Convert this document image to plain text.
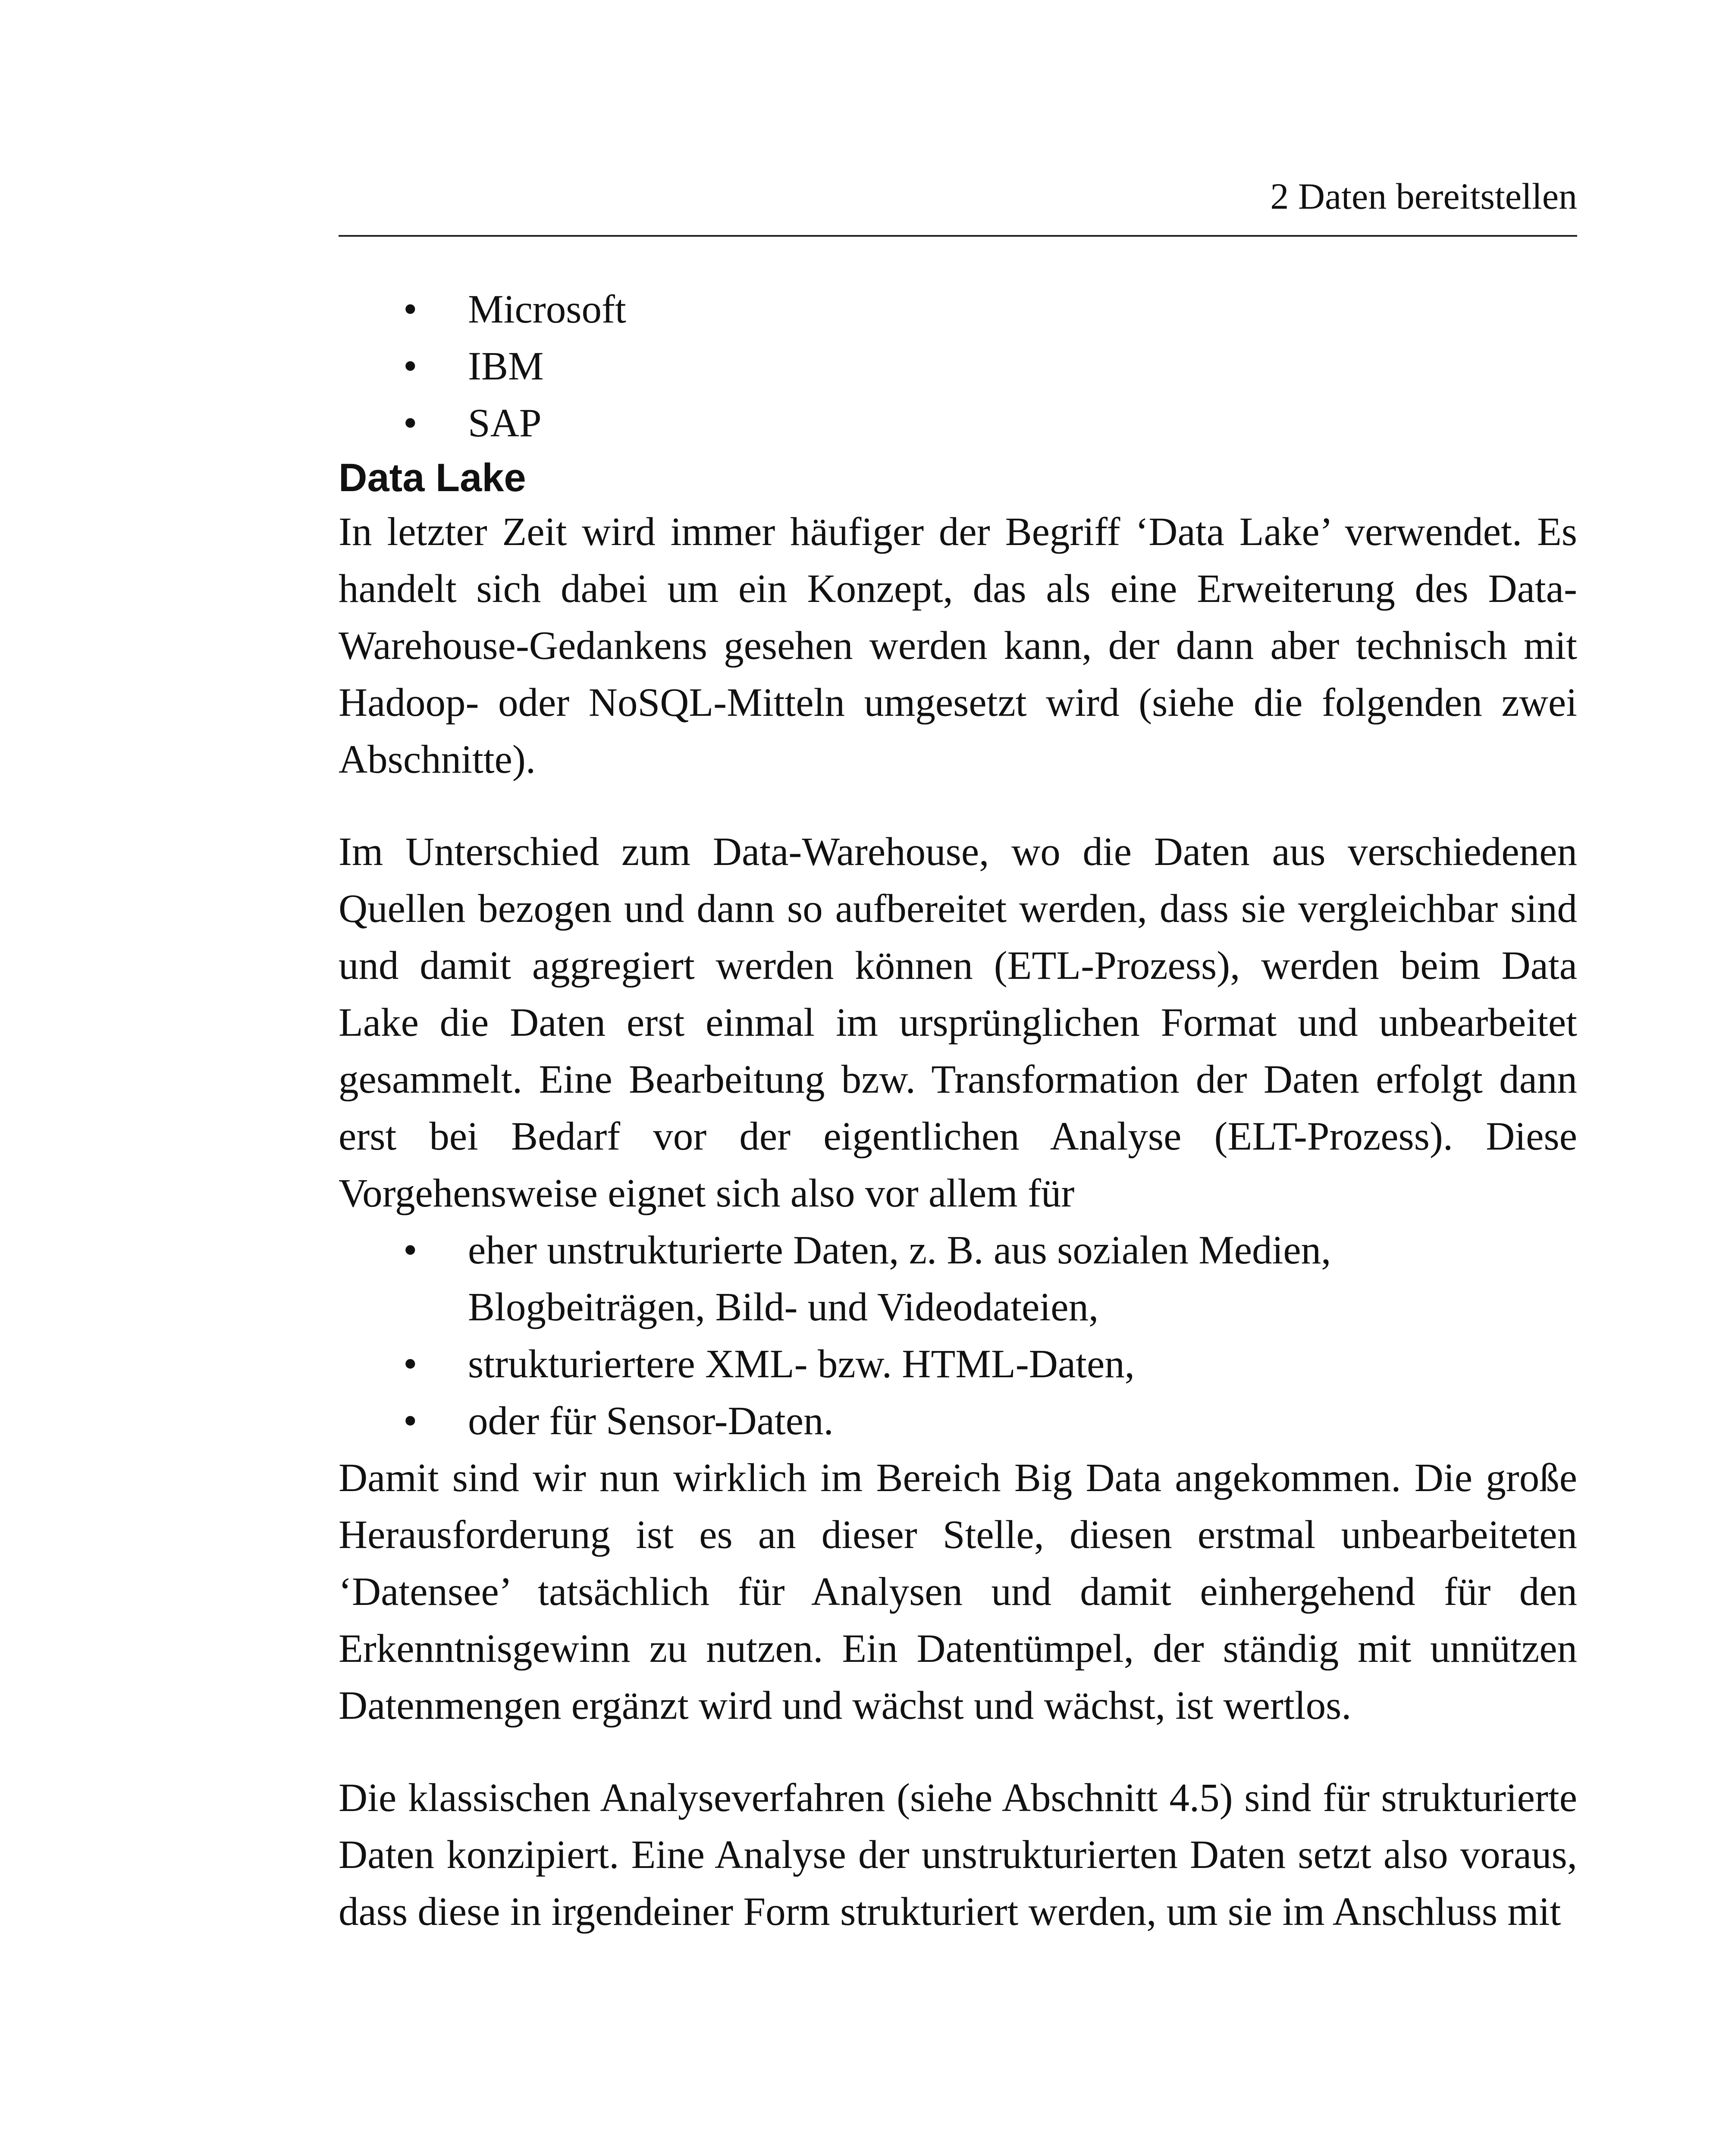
2 Daten bereitstellen
• Microsoft
• IBM
• SAP
Data Lake

In letzter Zeit wird immer häufiger der Begriff ‘Data Lake’ verwendet. Es handelt sich dabei um ein Konzept, das als eine Erweiterung des Data-Warehouse-Gedankens gesehen werden kann, der dann aber technisch mit Hadoop- oder NoSQL-Mitteln umgesetzt wird (siehe die folgenden zwei Abschnitte).

Im Unterschied zum Data-Warehouse, wo die Daten aus verschiedenen Quellen bezogen und dann so aufbereitet werden, dass sie vergleichbar sind und damit aggregiert werden können (ETL-Prozess), werden beim Data Lake die Daten erst einmal im ursprünglichen Format und unbearbeitet gesammelt. Eine Bearbeitung bzw. Transformation der Daten erfolgt dann erst bei Bedarf vor der eigentlichen Analyse (ELT-Prozess). Diese Vorgehensweise eignet sich also vor allem für

• eher unstrukturierte Daten, z. B. aus sozialen Medien, Blogbeiträgen, Bild- und Videodateien,
• strukturiertere XML- bzw. HTML-Daten,
• oder für Sensor-Daten.

Damit sind wir nun wirklich im Bereich Big Data angekommen. Die große Herausforderung ist es an dieser Stelle, diesen erstmal unbearbeiteten ‘Datensee’ tatsächlich für Analysen und damit einhergehend für den Erkenntnisgewinn zu nutzen. Ein Datentümpel, der ständig mit unnützen Datenmengen ergänzt wird und wächst und wächst, ist wertlos.

Die klassischen Analyseverfahren (siehe Abschnitt 4.5) sind für strukturierte Daten konzipiert. Eine Analyse der unstrukturierten Daten setzt also voraus, dass diese in irgendeiner Form strukturiert werden, um sie im Anschluss mit
